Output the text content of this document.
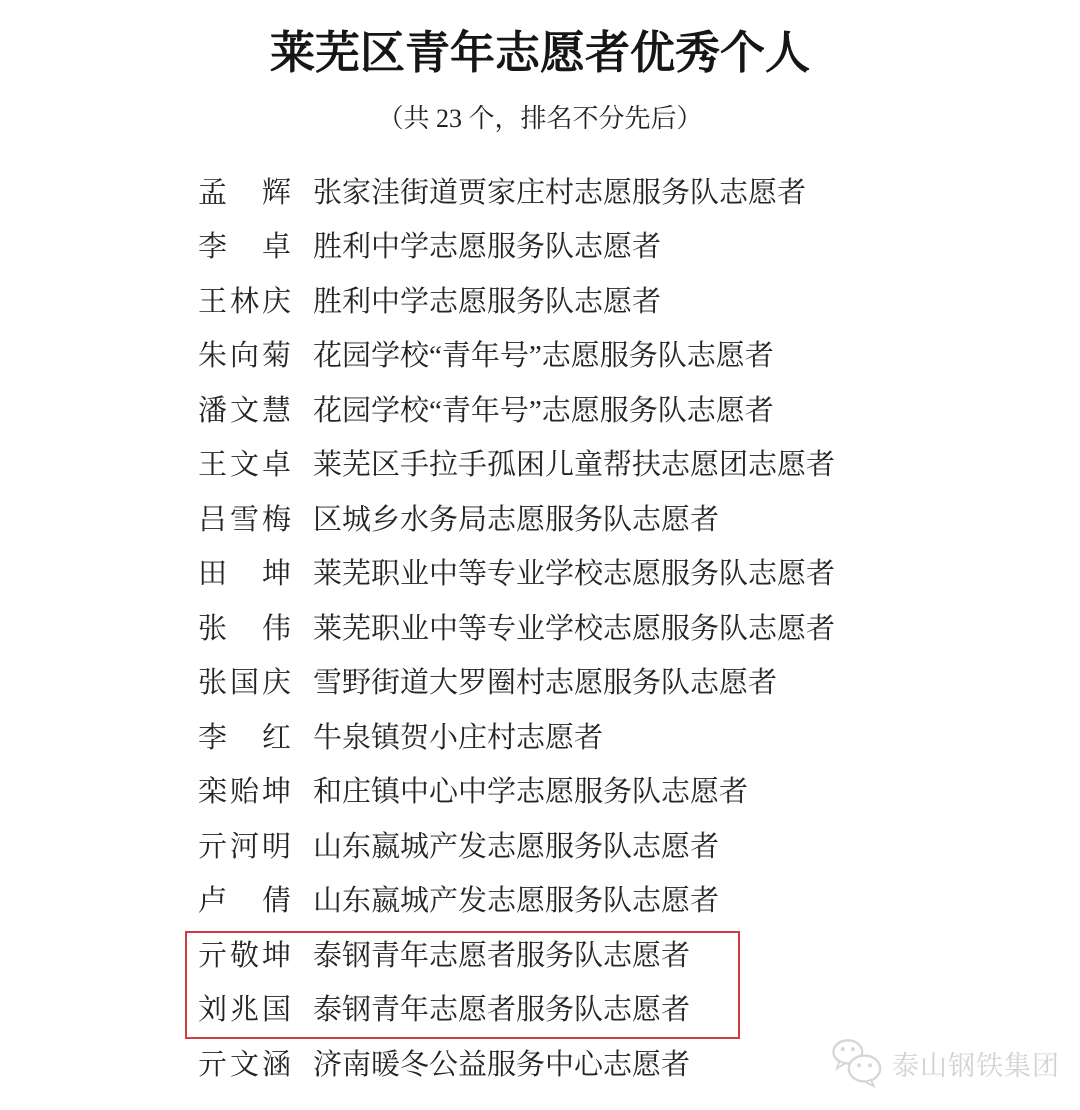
莱芜区青年志愿者优秀个人
（共 23 个，排名不分先后）
孟辉 张家洼街道贾家庄村志愿服务队志愿者
李卓 胜利中学志愿服务队志愿者
王林庆 胜利中学志愿服务队志愿者
朱向菊 花园学校“青年号”志愿服务队志愿者
潘文慧 花园学校“青年号”志愿服务队志愿者
王文卓 莱芜区手拉手孤困儿童帮扶志愿团志愿者
吕雪梅 区城乡水务局志愿服务队志愿者
田坤 莱芜职业中等专业学校志愿服务队志愿者
张伟 莱芜职业中等专业学校志愿服务队志愿者
张国庆 雪野街道大罗圈村志愿服务队志愿者
李红 牛泉镇贺小庄村志愿者
栾贻坤 和庄镇中心中学志愿服务队志愿者
亓河明 山东嬴城产发志愿服务队志愿者
卢倩 山东嬴城产发志愿服务队志愿者
亓敬坤 泰钢青年志愿者服务队志愿者
刘兆国 泰钢青年志愿者服务队志愿者
亓文涵 济南暖冬公益服务中心志愿者	泰山钢铁集团
